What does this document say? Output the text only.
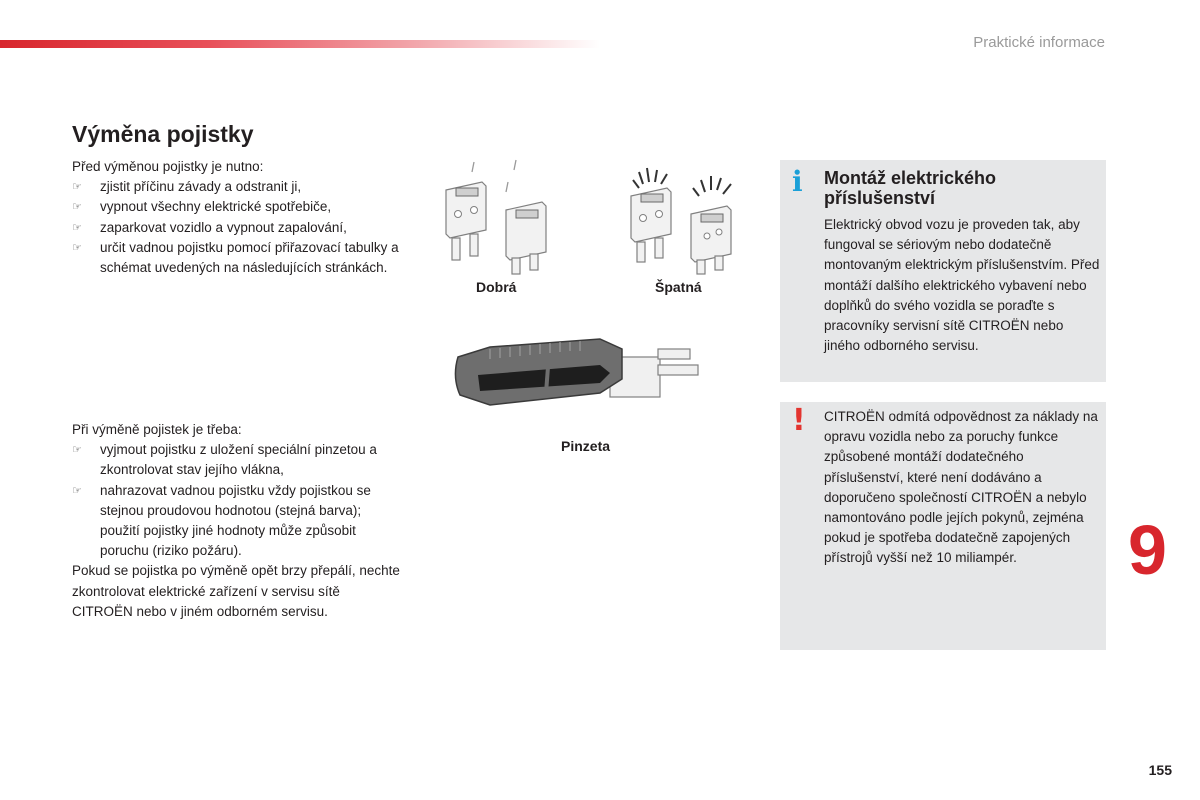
Praktické informace
Výměna pojistky
Před výměnou pojistky je nutno:
☞ zjistit příčinu závady a odstranit ji,
☞ vypnout všechny elektrické spotřebiče,
☞ zaparkovat vozidlo a vypnout zapalování,
☞ určit vadnou pojistku pomocí přiřazovací tabulky a schémat uvedených na následujících stránkách.
Při výměně pojistek je třeba:
☞ vyjmout pojistku z uložení speciální pinzetou a zkontrolovat stav jejího vlákna,
☞ nahrazovat vadnou pojistku vždy pojistkou se stejnou proudovou hodnotou (stejná barva); použití pojistky jiné hodnoty může způsobit poruchu (riziko požáru).
Pokud se pojistka po výměně opět brzy přepálí, nechte zkontrolovat elektrické zařízení v servisu sítě CITROËN nebo v jiném odborném servisu.
Dobrá	Špatná
Pinzeta
i Montáž elektrického příslušenství
Elektrický obvod vozu je proveden tak, aby fungoval se sériovým nebo dodatečně montovaným elektrickým příslušenstvím. Před montáží dalšího elektrického vybavení nebo doplňků do svého vozidla se poraďte s pracovníky servisní sítě CITROËN nebo jiného odborného servisu.
! CITROËN odmítá odpovědnost za náklady na opravu vozidla nebo za poruchy funkce způsobené montáží dodatečného příslušenství, které není dodáváno a doporučeno společností CITROËN a nebylo namontováno podle jejích pokynů, zejména pokud je spotřeba dodatečně zapojených přístrojů vyšší než 10 miliampér.	9
155
